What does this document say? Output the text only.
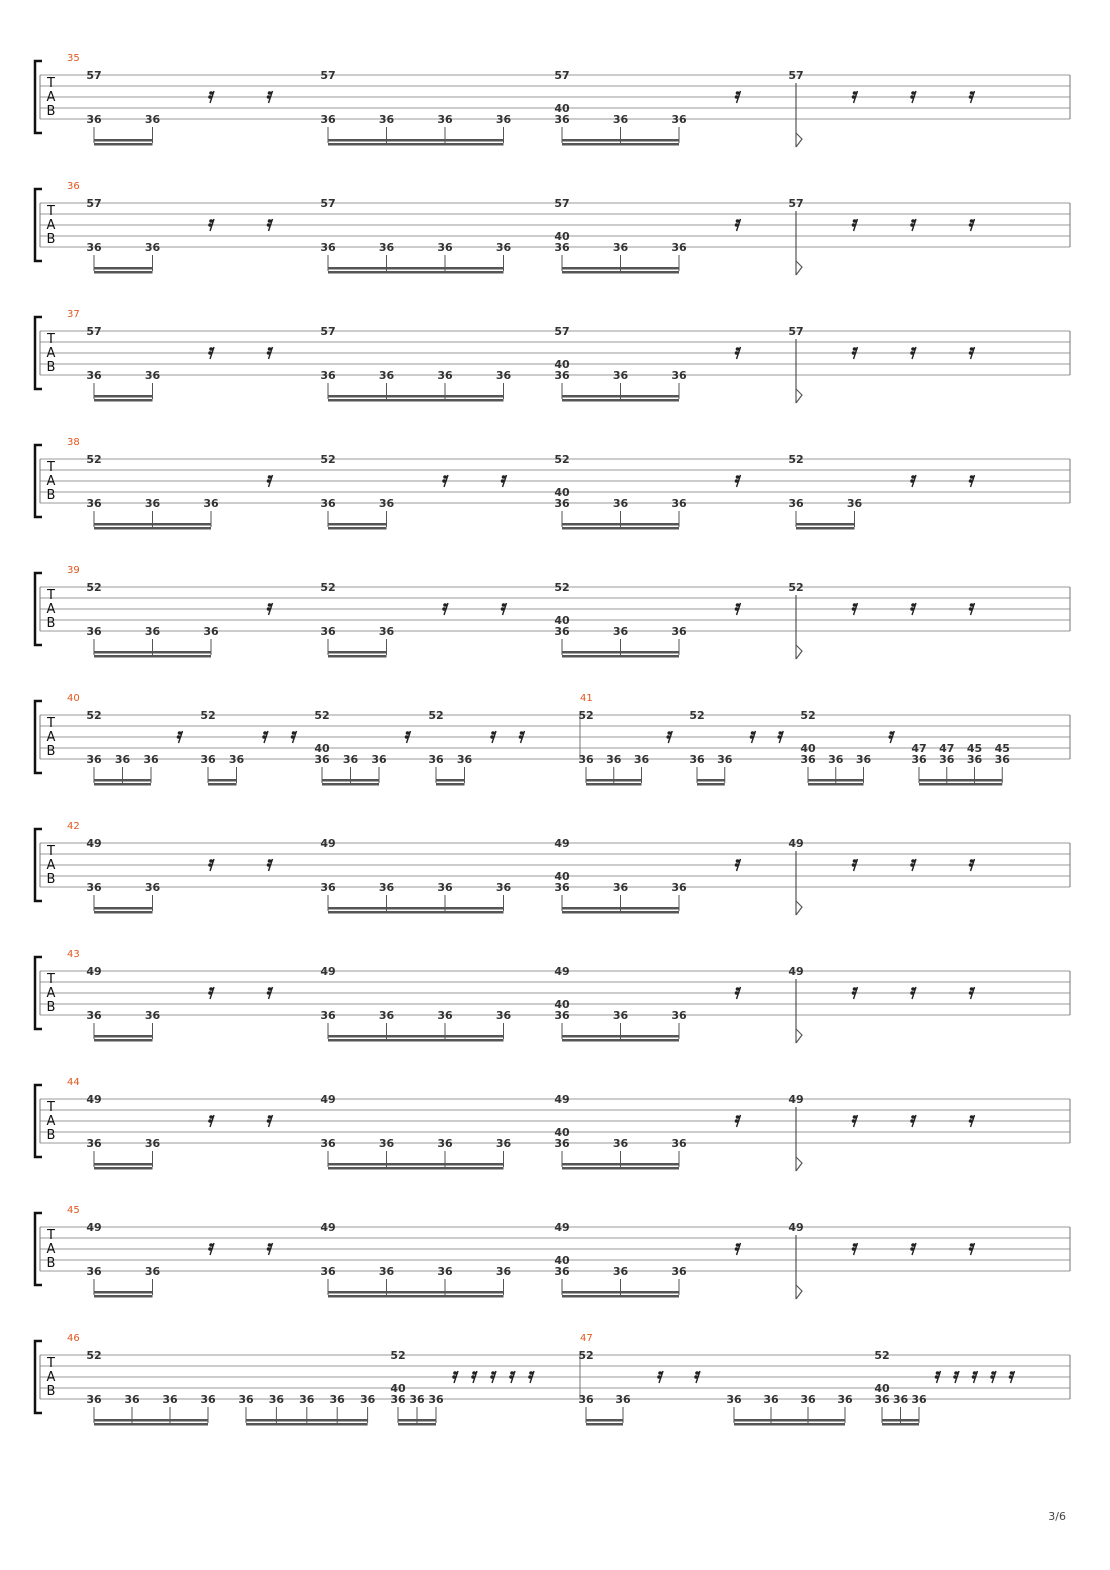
T
A
B
35
57
36	36
57
36	36	36	36
57
40
36	36	36
57
T
A
B
36
57
36	36
57
36	36	36	36
57
40
36	36	36
57
T
A
B
37
57
36	36
57
36	36	36	36
57
40
36	36	36
57
T
A
B
38
52
36	36	36
52
36	36
52
40
36	36	36
52
36	36
T
A
B
39
52
36	36	36
52
36	36
52
40
36	36	36
52
T
A
B
40
52
36 36 36
52
36 36
52
40
36 36 36
52
36 36
41
52
36 36 36
52
36 36
52
40
36 36 36	36 36 36 36
47 47 45 45
T
A
B
42
49
36	36
49
36	36	36	36
49
40
36	36	36
49
T
A
B
43
49
36	36
49
36	36	36	36
49
40
36	36	36
49
T
A
B
44
49
36	36
49
36	36	36	36
49
40
36	36	36
49
T
A
B
45
49
36	36
49
36	36	36	36
49
40
36	36	36
49
T
A
B
46
52
36 36 36 36 36 36 36 36 36
52
40
36 36 36
47
52
36 36	36 36 36 36
52
40
36 36 36
3/6
